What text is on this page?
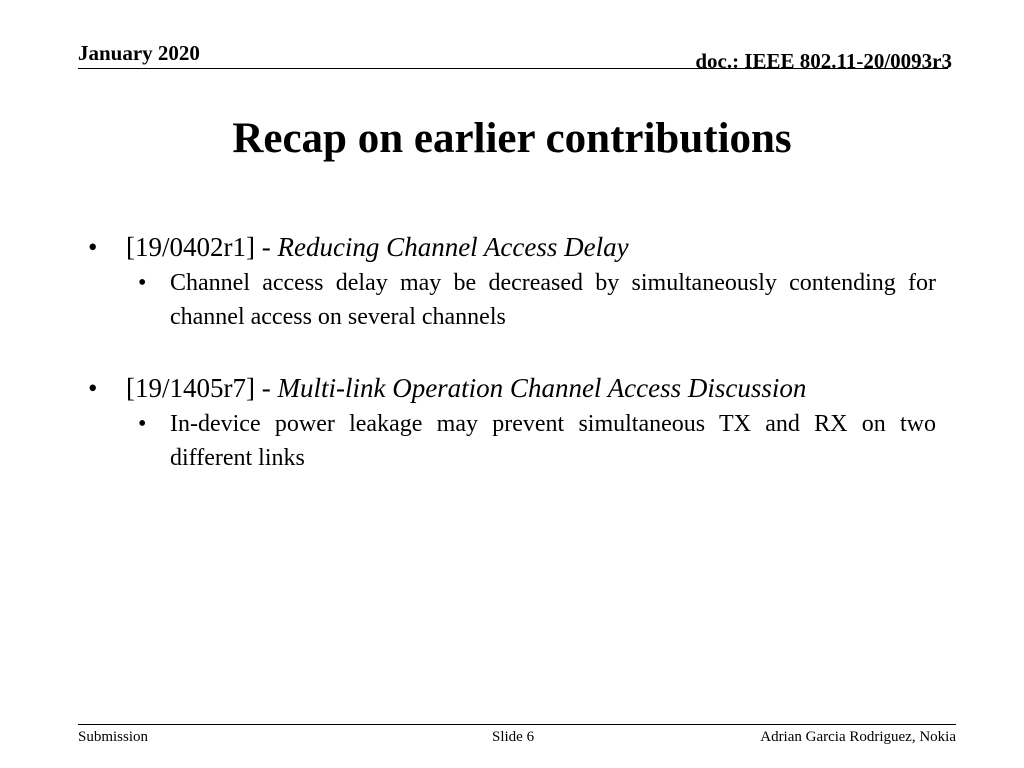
January 2020	doc.: IEEE 802.11-20/0093r3
Recap on earlier contributions
• [19/0402r1] - Reducing Channel Access Delay
• Channel access delay may be decreased by simultaneously contending for channel access on several channels
• [19/1405r7] - Multi-link Operation Channel Access Discussion
• In-device power leakage may prevent simultaneous TX and RX on two different links
Submission	Slide 6	Adrian Garcia Rodriguez, Nokia
